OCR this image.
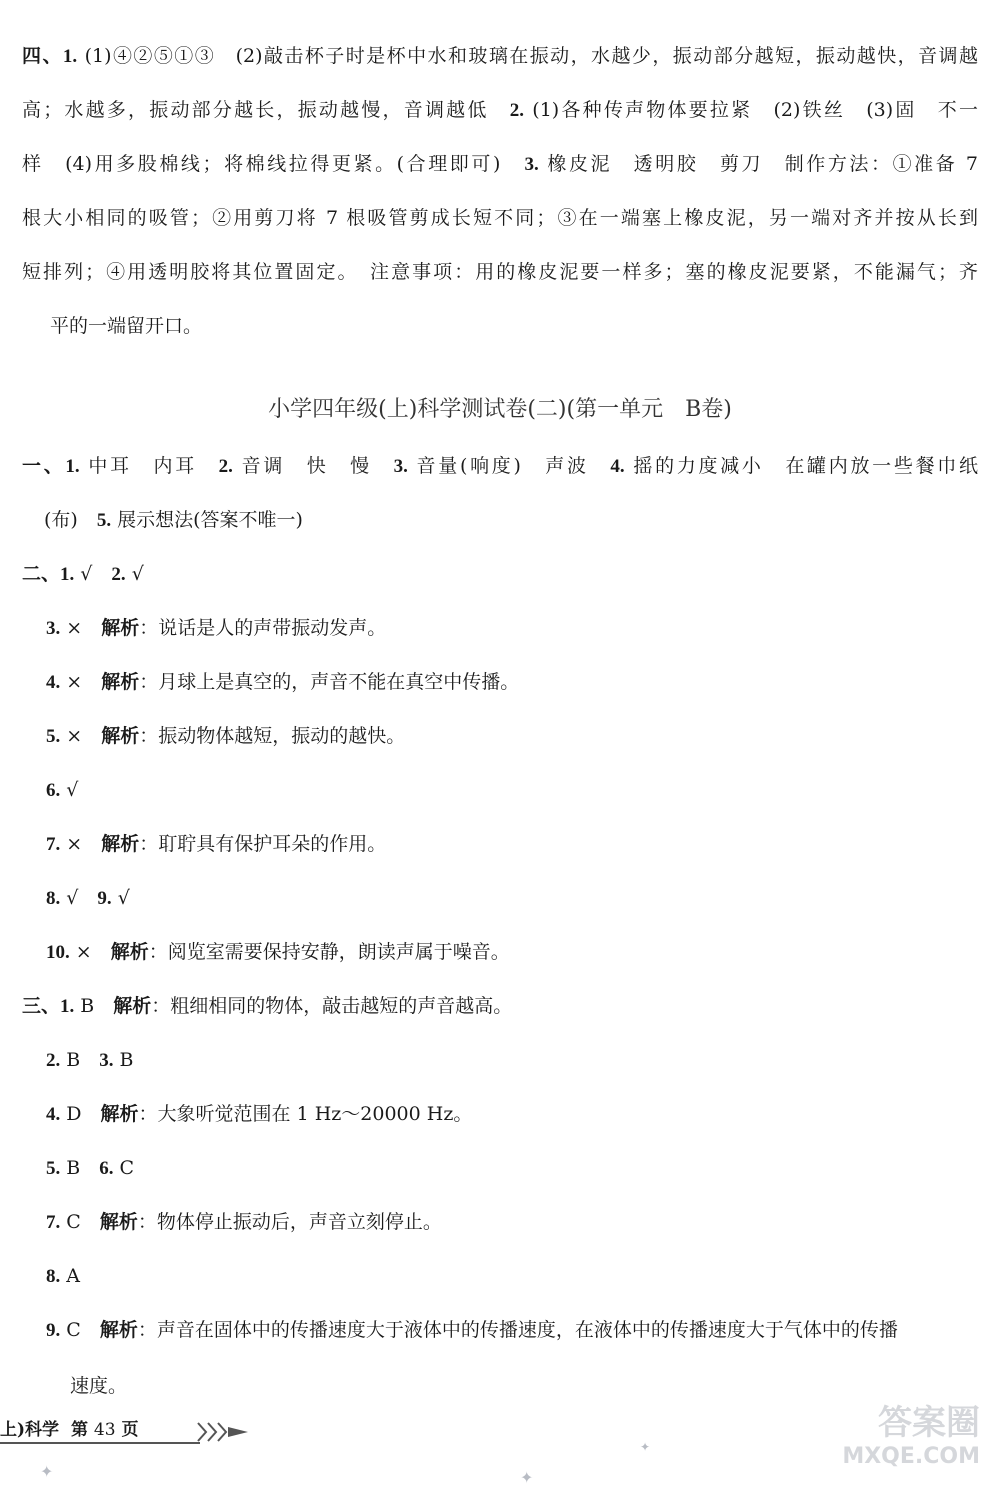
四、1. (1)④②⑤①③　(2)敲击杯子时是杯中水和玻璃在振动，水越少，振动部分越短，振动越快，音调越
高；水越多，振动部分越长，振动越慢，音调越低　2. (1)各种传声物体要拉紧　(2)铁丝　(3)固　不一
样　(4)用多股棉线；将棉线拉得更紧。(合理即可)　3. 橡皮泥　透明胶　剪刀　制作方法：①准备 7
根大小相同的吸管；②用剪刀将 7 根吸管剪成长短不同；③在一端塞上橡皮泥，另一端对齐并按从长到
短排列；④用透明胶将其位置固定。　注意事项：用的橡皮泥要一样多；塞的橡皮泥要紧，不能漏气；齐
平的一端留开口。
小学四年级(上)科学测试卷(二)(第一单元　B卷)
一、1. 中耳　内耳　2. 音调　快　慢　3. 音量(响度)　声波　4. 摇的力度减小　在罐内放一些餐巾纸
(布)　5. 展示想法(答案不唯一)
二、1. √　2. √
3. ×　解析：说话是人的声带振动发声。
4. ×　解析：月球上是真空的，声音不能在真空中传播。
5. ×　解析：振动物体越短，振动的越快。
6. √
7. ×　解析：耵聍具有保护耳朵的作用。
8. √　9. √
10. ×　解析：阅览室需要保持安静，朗读声属于噪音。
三、1. B　解析：粗细相同的物体，敲击越短的声音越高。
2. B　3. B
4. D　解析：大象听觉范围在 1 Hz～20000 Hz。
5. B　6. C
7. C　解析：物体停止振动后，声音立刻停止。
8. A
9. C　解析：声音在固体中的传播速度大于液体中的传播速度，在液体中的传播速度大于气体中的传播
速度。
上)科学 第 43 页
✦	✦
✦
答案圈
MXQE.COM
